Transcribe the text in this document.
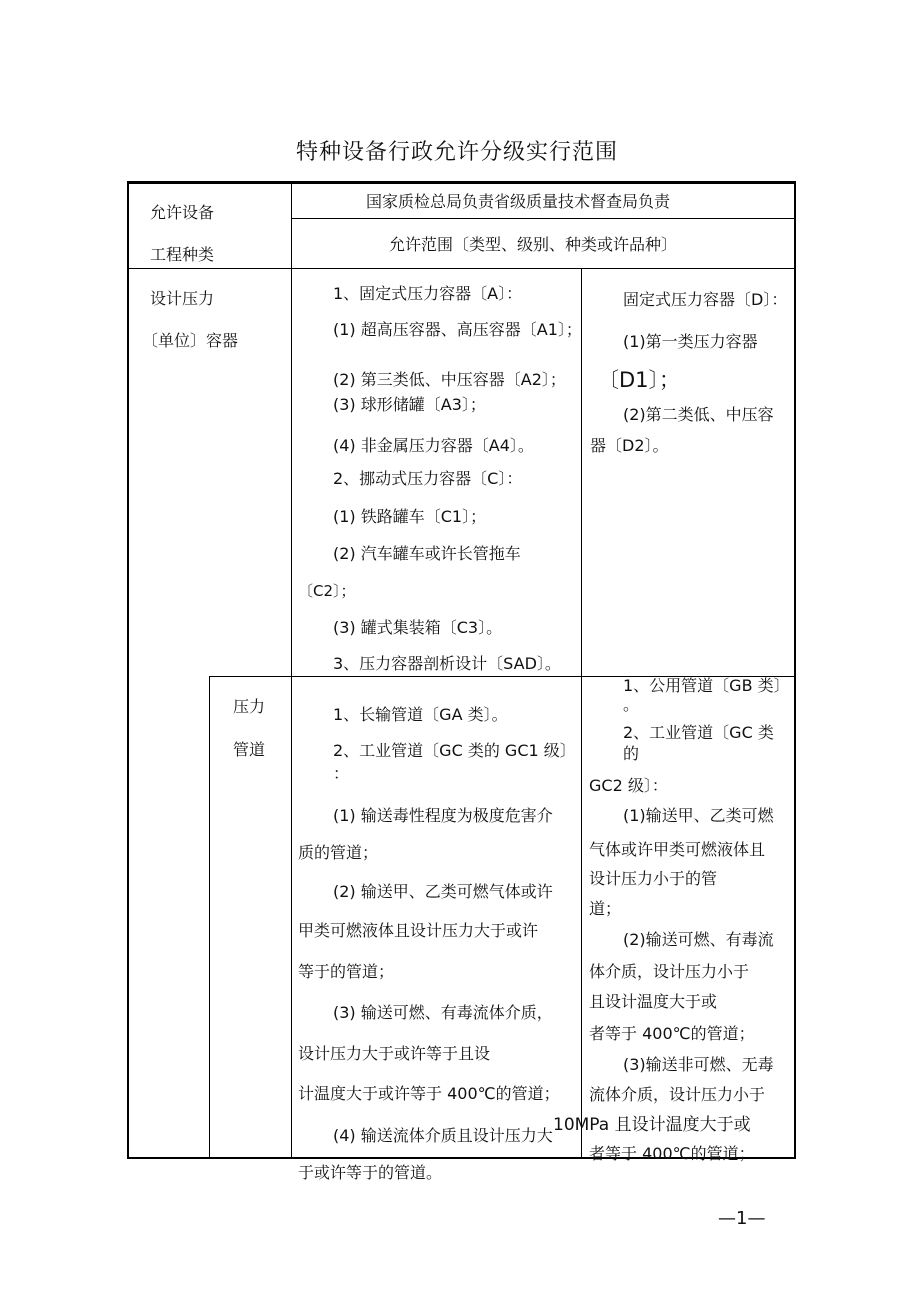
特种设备行政允许分级实行范围
允许设备
工程种类
国家质检总局负责省级质量技术督查局负责
允许范围〔类型、级别、种类或许品种〕
设计压力
〔单位〕容器
1、固定式压力容器〔A〕：
(1) 超高压容器、高压容器〔A1〕；
(2) 第三类低、中压容器〔A2〕；
(3) 球形储罐〔A3〕；
(4) 非金属压力容器〔A4〕。
2、挪动式压力容器〔C〕：
(1) 铁路罐车〔C1〕；
(2) 汽车罐车或许长管拖车
〔C2〕；
(3) 罐式集装箱〔C3〕。
3、压力容器剖析设计〔SAD〕。
固定式压力容器〔D〕：
(1)第一类压力容器
〔D1〕；
(2)第二类低、中压容
器〔D2〕。
压力
管道
1、长输管道〔GA 类〕。
2、工业管道〔GC 类的 GC1 级〕
：
(1) 输送毒性程度为极度危害介
质的管道；
(2) 输送甲、乙类可燃气体或许
甲类可燃液体且设计压力大于或许
等于的管道；
(3) 输送可燃、有毒流体介质，
设计压力大于或许等于且设
计温度大于或许等于 400℃的管道；
(4) 输送流体介质且设计压力大
于或许等于的管道。
1、公用管道〔GB 类〕
。
2、工业管道〔GC 类
的
GC2 级〕：
(1)输送甲、乙类可燃
气体或许甲类可燃液体且
设计压力小于的管
道；
(2)输送可燃、有毒流
体介质，设计压力小于
且设计温度大于或
者等于 400℃的管道；
(3)输送非可燃、无毒
流体介质，设计压力小于
10MPa 且设计温度大于或
者等于 400℃的管道；
—1—
